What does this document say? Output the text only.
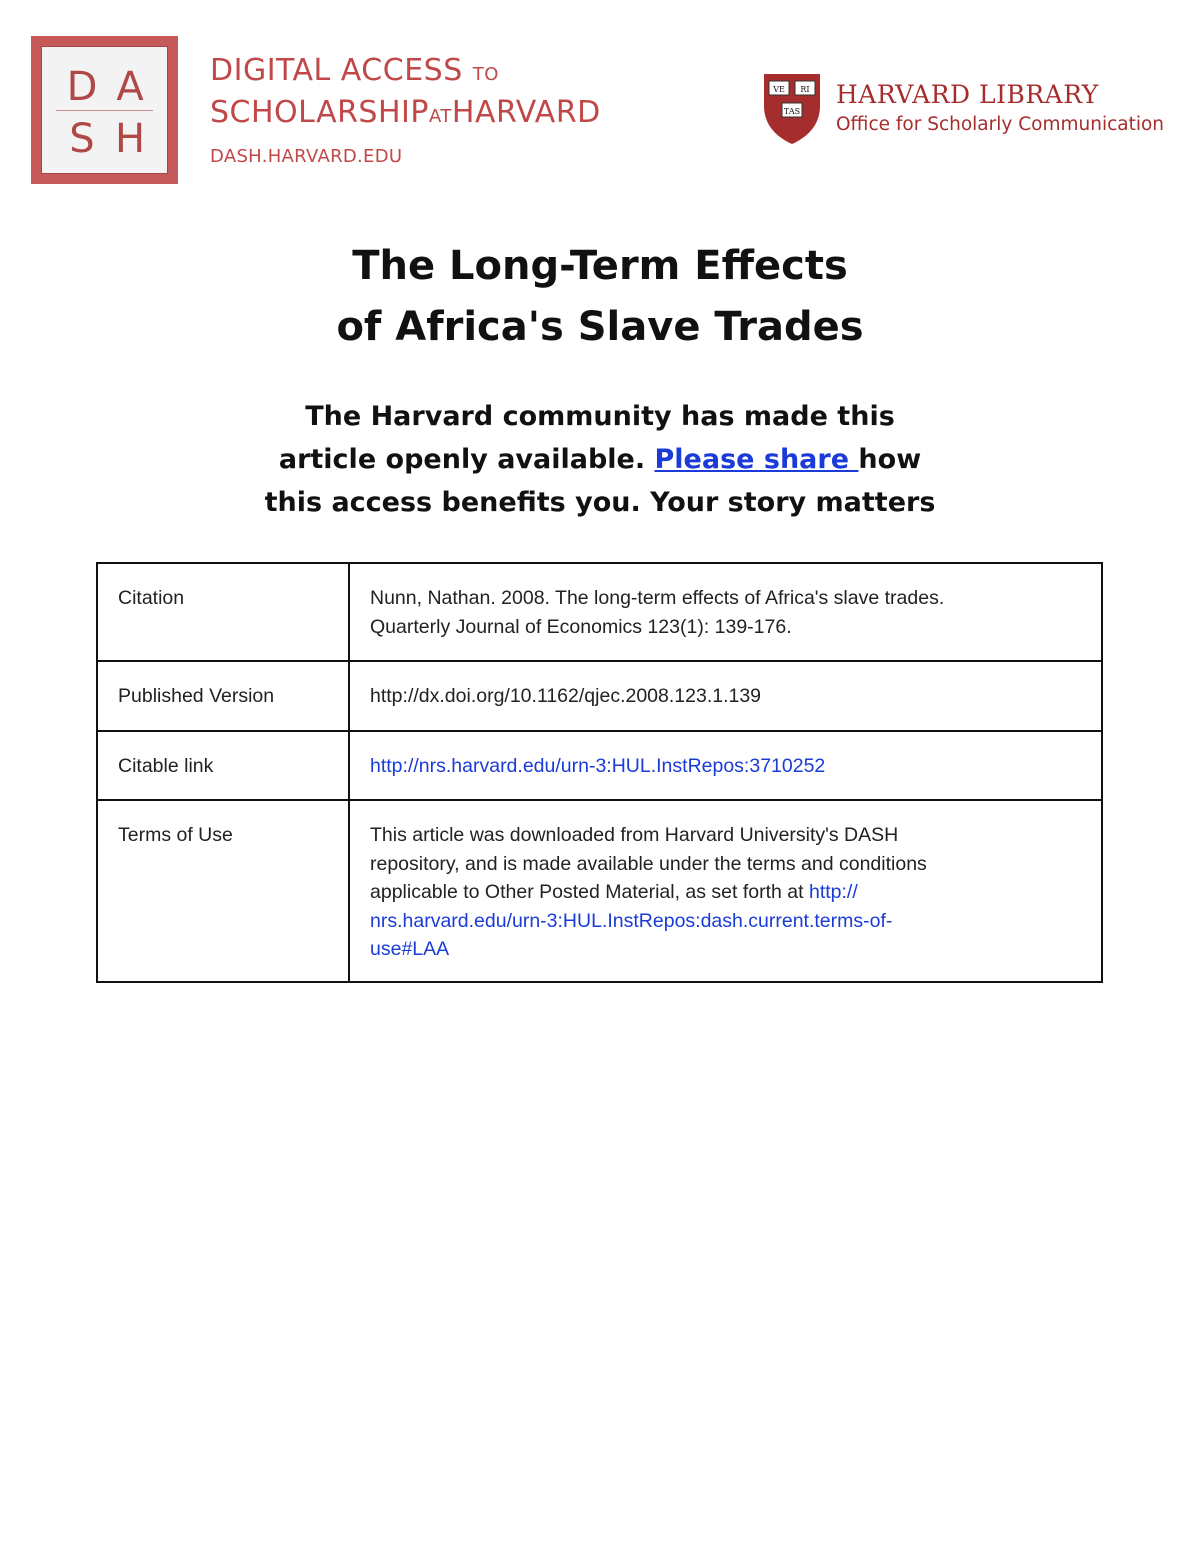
D A
S H
DIGITAL ACCESS TO
SCHOLARSHIPATHARVARD
DASH.HARVARD.EDU
VE RI
TAS
HARVARD LIBRARY
Office for Scholarly Communication
The Long-Term Effects
of Africa's Slave Trades
The Harvard community has made this
article openly available. Please share how
this access benefits you. Your story matters
Citation	Nunn, Nathan. 2008. The long-term effects of Africa's slave trades.
Quarterly Journal of Economics 123(1): 139-176.

Published Version	http://dx.doi.org/10.1162/qjec.2008.123.1.139
Citable link	http://nrs.harvard.edu/urn-3:HUL.InstRepos:3710252
Terms of Use	This article was downloaded from Harvard University's DASH
repository, and is made available under the terms and conditions
applicable to Other Posted Material, as set forth at http://
nrs.harvard.edu/urn-3:HUL.InstRepos:dash.current.terms-of-
use#LAA
